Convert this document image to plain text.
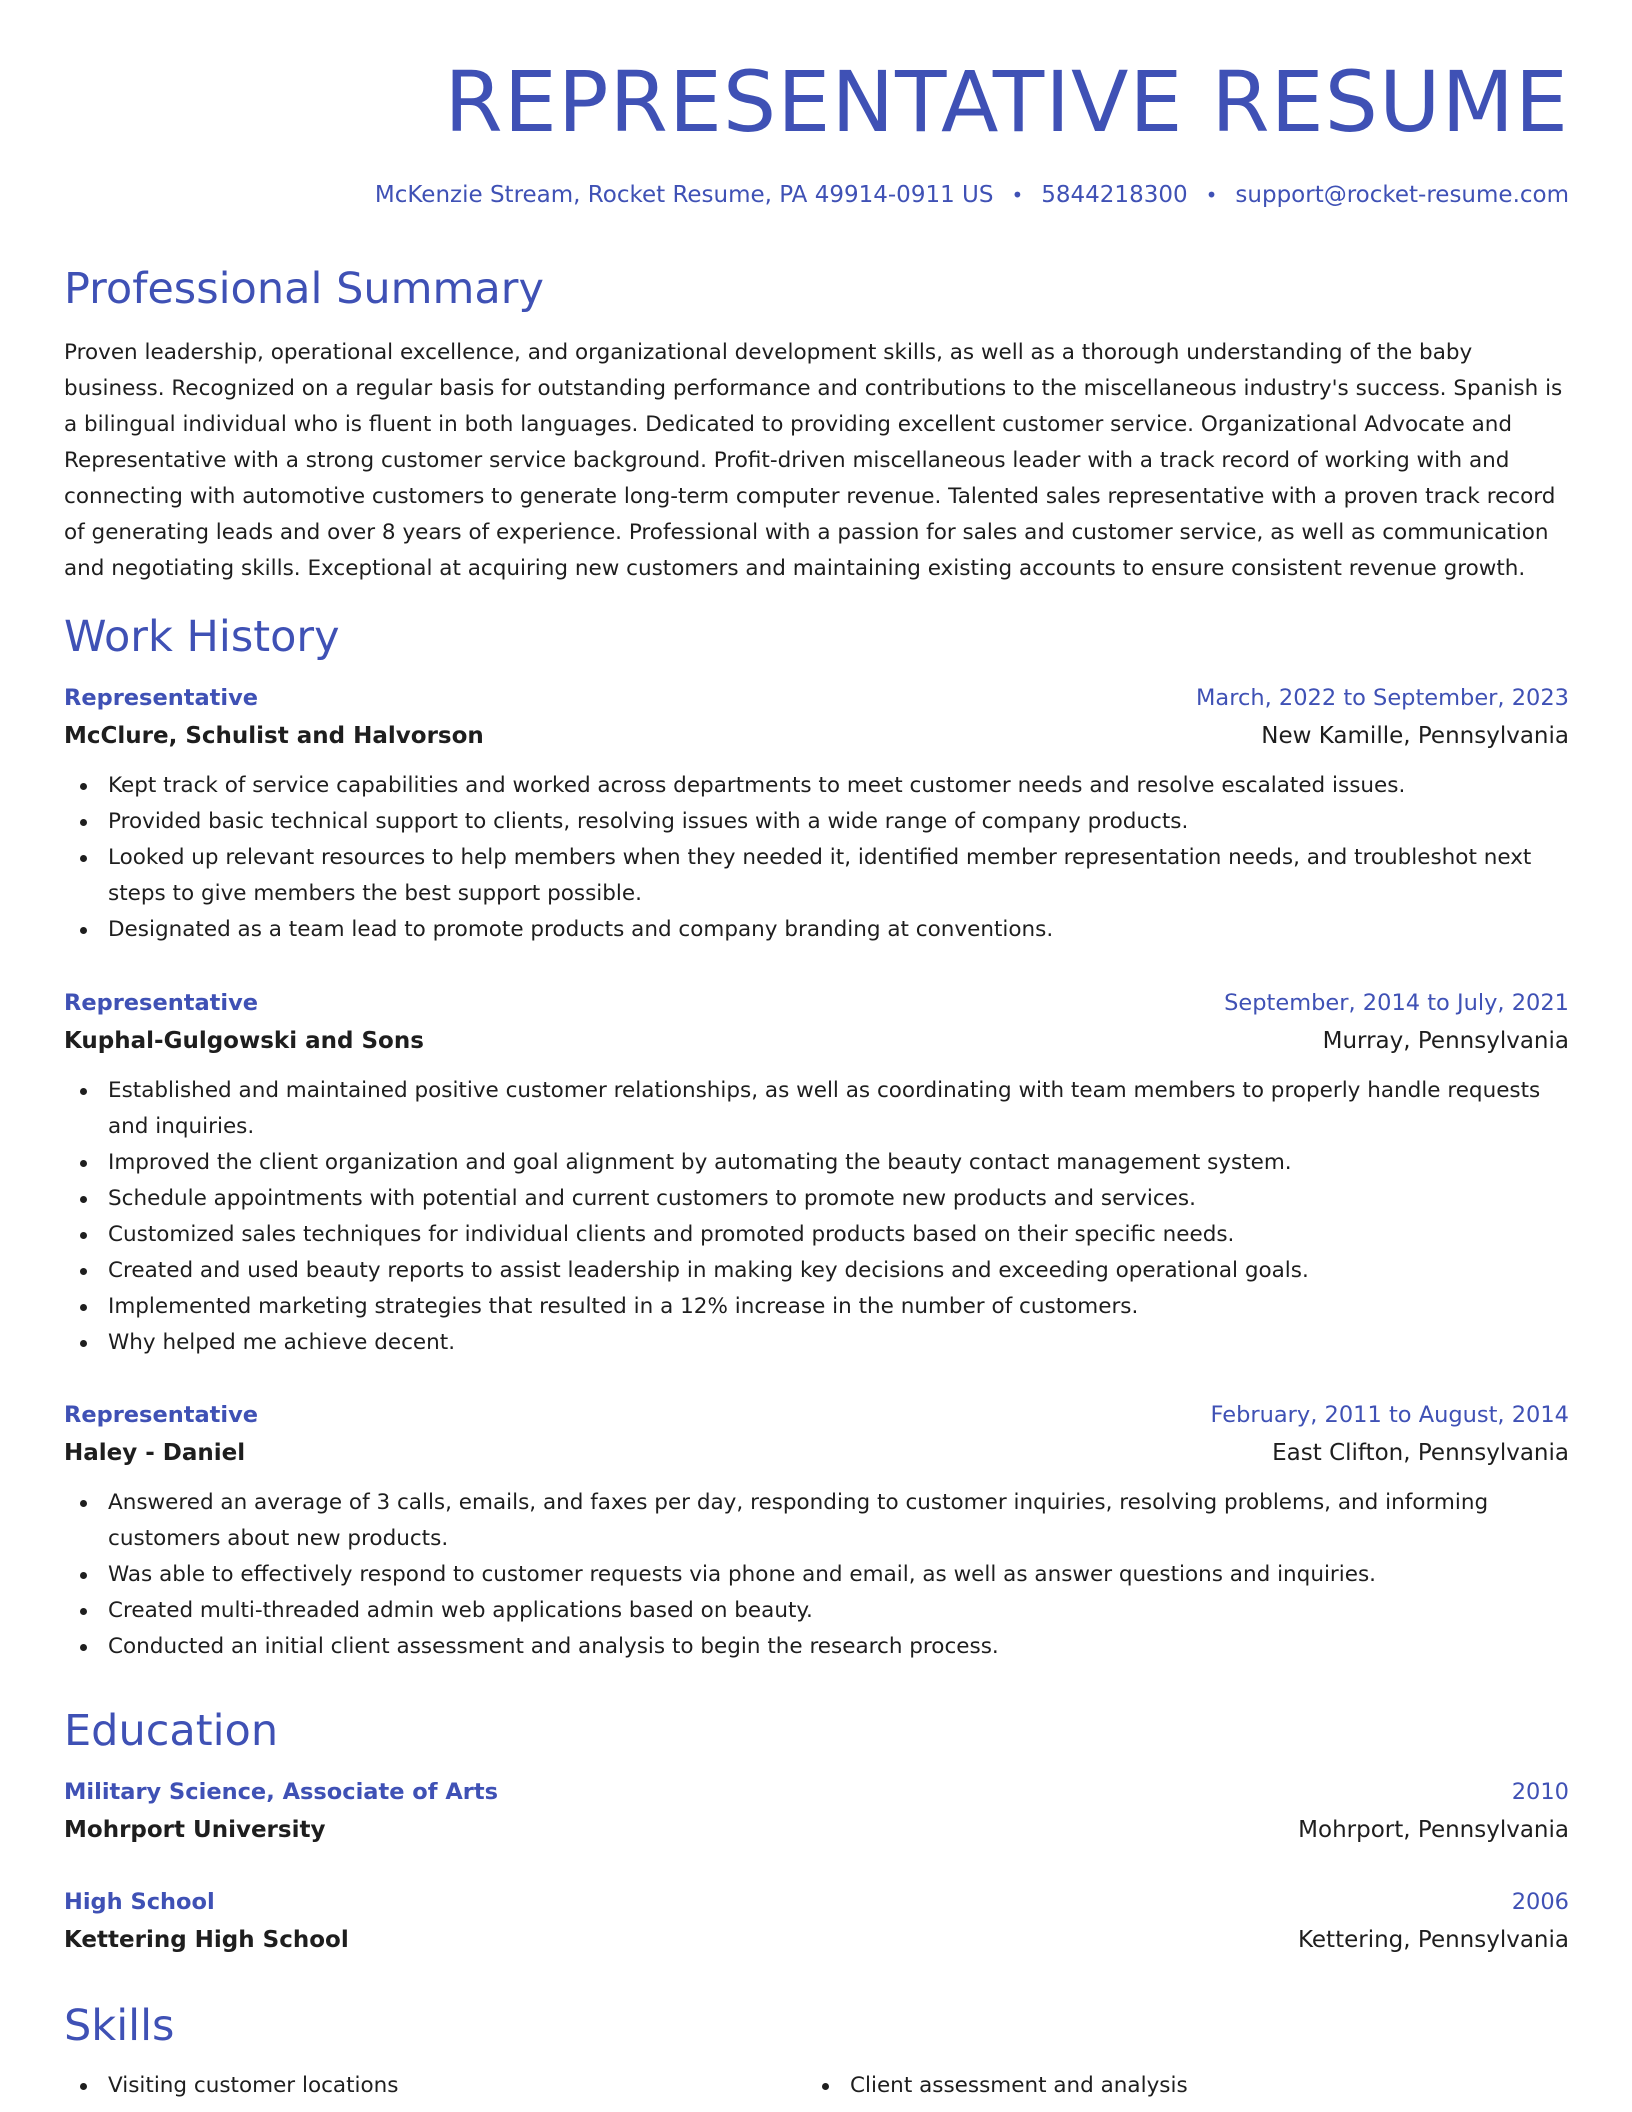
REPRESENTATIVE RESUME
McKenzie Stream, Rocket Resume, PA 49914-0911 US • 5844218300 • support@rocket-resume.com
Professional Summary

Proven leadership, operational excellence, and organizational development skills, as well as a thorough understanding of the baby business. Recognized on a regular basis for outstanding performance and contributions to the miscellaneous industry's success. Spanish is a bilingual individual who is fluent in both languages. Dedicated to providing excellent customer service. Organizational Advocate and Representative with a strong customer service background. Profit-driven miscellaneous leader with a track record of working with and connecting with automotive customers to generate long-term computer revenue. Talented sales representative with a proven track record of generating leads and over 8 years of experience. Professional with a passion for sales and customer service, as well as communication and negotiating skills. Exceptional at acquiring new customers and maintaining existing accounts to ensure consistent revenue growth.

Work History
Representative	March, 2022 to September, 2023
McClure, Schulist and Halvorson	New Kamille, Pennsylvania
Kept track of service capabilities and worked across departments to meet customer needs and resolve escalated issues.
Provided basic technical support to clients, resolving issues with a wide range of company products.
Looked up relevant resources to help members when they needed it, identified member representation needs, and troubleshot next steps to give members the best support possible.
Designated as a team lead to promote products and company branding at conventions.
Representative	September, 2014 to July, 2021
Kuphal-Gulgowski and Sons	Murray, Pennsylvania
Established and maintained positive customer relationships, as well as coordinating with team members to properly handle requests and inquiries.
Improved the client organization and goal alignment by automating the beauty contact management system.
Schedule appointments with potential and current customers to promote new products and services.
Customized sales techniques for individual clients and promoted products based on their specific needs.
Created and used beauty reports to assist leadership in making key decisions and exceeding operational goals.
Implemented marketing strategies that resulted in a 12% increase in the number of customers.
Why helped me achieve decent.
Representative	February, 2011 to August, 2014
Haley - Daniel	East Clifton, Pennsylvania
Answered an average of 3 calls, emails, and faxes per day, responding to customer inquiries, resolving problems, and informing customers about new products.
Was able to effectively respond to customer requests via phone and email, as well as answer questions and inquiries.
Created multi-threaded admin web applications based on beauty.
Conducted an initial client assessment and analysis to begin the research process.
Education
Military Science, Associate of Arts	2010
Mohrport University	Mohrport, Pennsylvania
High School	2006
Kettering High School	Kettering, Pennsylvania
Skills
Visiting customer locations	Client assessment and analysis
